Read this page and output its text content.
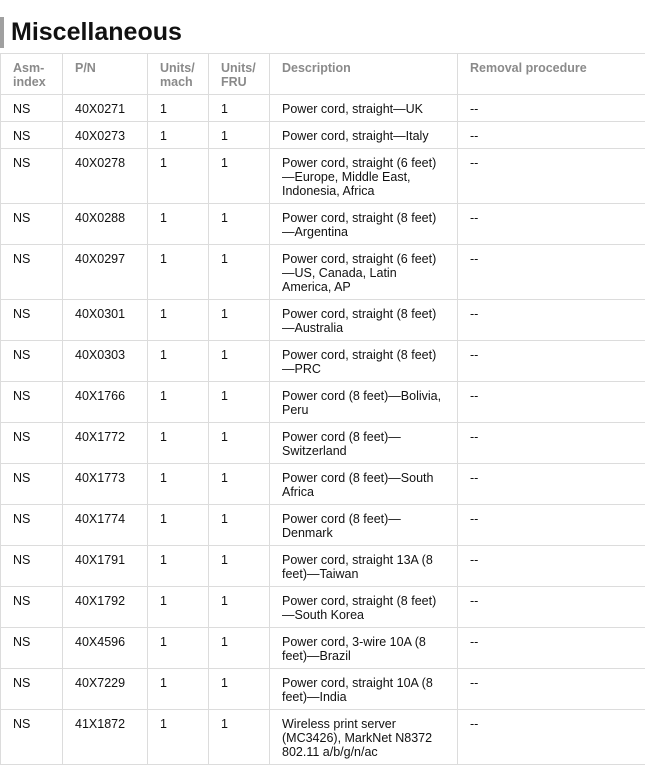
Miscellaneous
Asm-index	P/N	Units/ mach	Units/ FRU	Description	Removal procedure
NS	40X0271	1	1	Power cord, straight—UK	--
NS	40X0273	1	1	Power cord, straight—Italy	--
NS	40X0278	1	1	Power cord, straight (6 feet)—Europe, Middle East, Indonesia, Africa	--
NS	40X0288	1	1	Power cord, straight (8 feet)—Argentina	--
NS	40X0297	1	1	Power cord, straight (6 feet)—US, Canada, Latin America, AP	--
NS	40X0301	1	1	Power cord, straight (8 feet)—Australia	--
NS	40X0303	1	1	Power cord, straight (8 feet)—PRC	--
NS	40X1766	1	1	Power cord (8 feet)—Bolivia, Peru	--
NS	40X1772	1	1	Power cord (8 feet)—Switzerland	--
NS	40X1773	1	1	Power cord (8 feet)—South Africa	--
NS	40X1774	1	1	Power cord (8 feet)—Denmark	--
NS	40X1791	1	1	Power cord, straight 13A (8 feet)—Taiwan	--
NS	40X1792	1	1	Power cord, straight (8 feet)—South Korea	--
NS	40X4596	1	1	Power cord, 3-wire 10A (8 feet)—Brazil	--
NS	40X7229	1	1	Power cord, straight 10A (8 feet)—India	--
NS	41X1872	1	1	Wireless print server (MC3426), MarkNet N8372 802.11 a/b/g/n/ac	--
